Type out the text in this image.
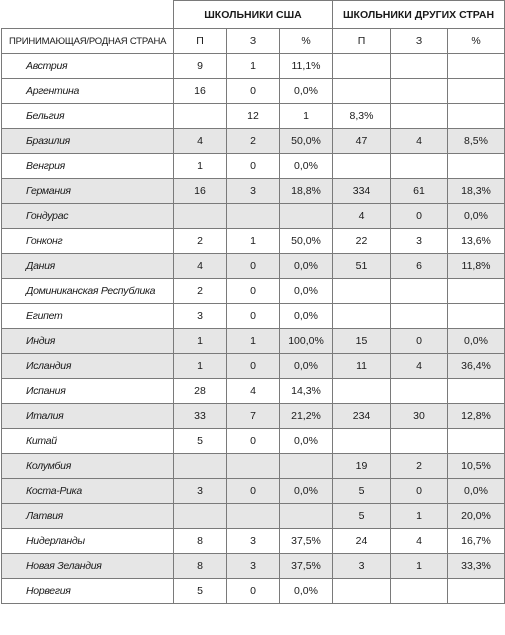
	ШКОЛЬНИКИ США			ШКОЛЬНИКИ ДРУГИХ СТРАН		
ПРИНИМАЮЩАЯ/РОДНАЯ СТРАНА	П	З	%	П	З	%
Австрия	9	1	11,1%			
Аргентина	16	0	0,0%			
Бельгия		12	1	8,3%		
Бразилия	4	2	50,0%	47	4	8,5%
Венгрия	1	0	0,0%			
Германия	16	3	18,8%	334	61	18,3%
Гондурас				4	0	0,0%
Гонконг	2	1	50,0%	22	3	13,6%
Дания	4	0	0,0%	51	6	11,8%
Доминиканская Республика	2	0	0,0%			
Египет	3	0	0,0%			
Индия	1	1	100,0%	15	0	0,0%
Исландия	1	0	0,0%	11	4	36,4%
Испания	28	4	14,3%			
Италия	33	7	21,2%	234	30	12,8%
Китай	5	0	0,0%			
Колумбия				19	2	10,5%
Коста-Рика	3	0	0,0%	5	0	0,0%
Латвия				5	1	20,0%
Нидерланды	8	3	37,5%	24	4	16,7%
Новая Зеландия	8	3	37,5%	3	1	33,3%
Норвегия	5	0	0,0%			
